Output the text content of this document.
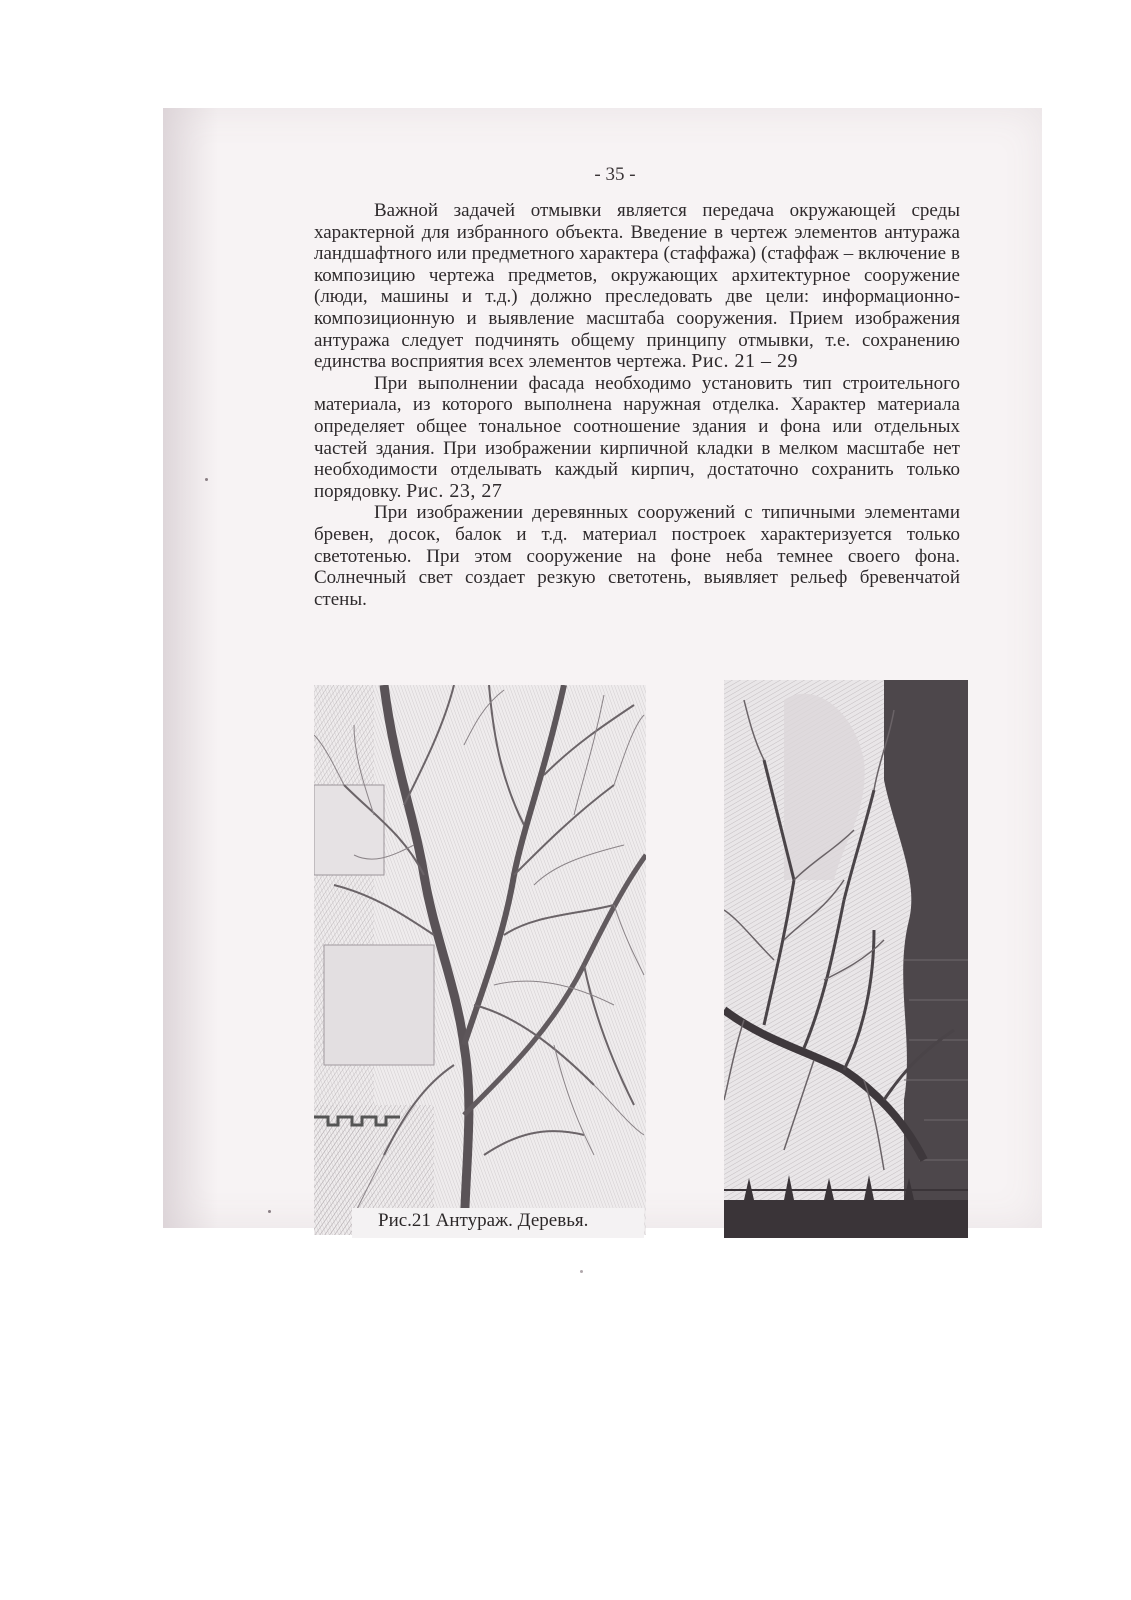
- 35 -

Важной задачей отмывки является передача окружающей среды характерной для избранного объекта. Введение в чертеж элементов антуража ландшафтного или предметного характера (стаффажа) (стаффаж – включение в композицию чертежа предметов, окружающих архитектурное сооружение (люди, машины и т.д.) должно преследовать две цели: информационно-композиционную и выявление масштаба сооружения. Прием изображения антуража следует подчинять общему принципу отмывки, т.е. сохранению единства восприятия всех элементов чертежа. Рис. 21 – 29

При выполнении фасада необходимо установить тип строительного материала, из которого выполнена наружная отделка. Характер материала определяет общее тональное соотношение здания и фона или отдельных частей здания. При изображении кирпичной кладки в мелком масштабе нет необходимости отделывать каждый кирпич, достаточно сохранить только порядовку. Рис. 23, 27

При изображении деревянных сооружений с типичными элементами бревен, досок, балок и т.д. материал построек характеризуется только светотенью. При этом сооружение на фоне неба темнее своего фона. Солнечный свет создает резкую светотень, выявляет рельеф бревенчатой стены.

Рис.21 Антураж. Деревья.
